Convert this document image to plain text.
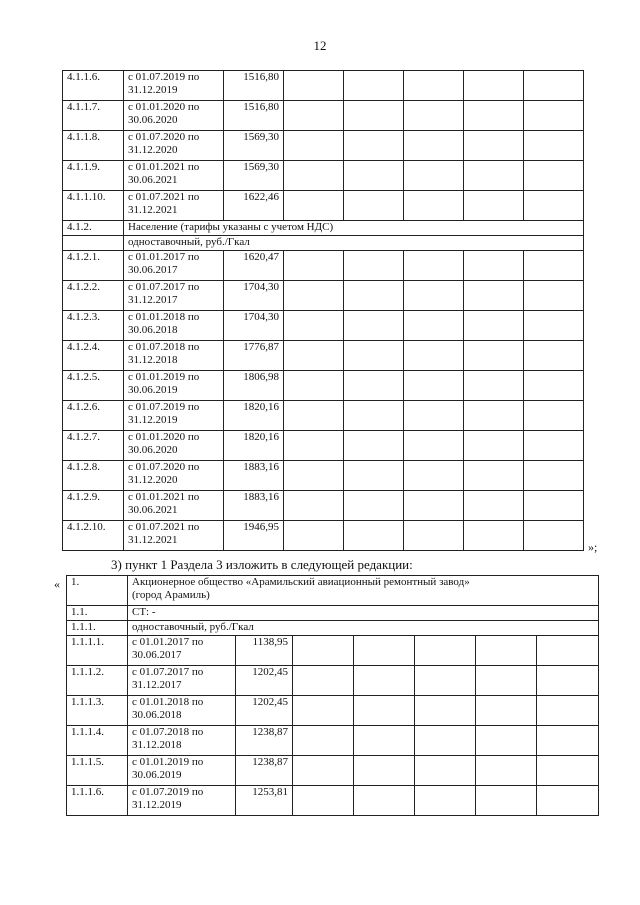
12
4.1.1.6.	с 01.07.2019 по
31.12.2019	1516,80					
4.1.1.7.	с 01.01.2020 по
30.06.2020	1516,80					
4.1.1.8.	с 01.07.2020 по
31.12.2020	1569,30					
4.1.1.9.	с 01.01.2021 по
30.06.2021	1569,30					
4.1.1.10.	с 01.07.2021 по
31.12.2021	1622,46					
4.1.2.	Население (тарифы указаны с учетом НДС)						
	одноставочный, руб./Гкал						
4.1.2.1.	с 01.01.2017 по
30.06.2017	1620,47					
4.1.2.2.	с 01.07.2017 по
31.12.2017	1704,30					
4.1.2.3.	с 01.01.2018 по
30.06.2018	1704,30					
4.1.2.4.	с 01.07.2018 по
31.12.2018	1776,87					
4.1.2.5.	с 01.01.2019 по
30.06.2019	1806,98					
4.1.2.6.	с 01.07.2019 по
31.12.2019	1820,16					
4.1.2.7.	с 01.01.2020 по
30.06.2020	1820,16					
4.1.2.8.	с 01.07.2020 по
31.12.2020	1883,16					
4.1.2.9.	с 01.01.2021 по
30.06.2021	1883,16					
4.1.2.10.	с 01.07.2021 по
31.12.2021	1946,95					
»;
3) пункт 1 Раздела 3 изложить в следующей редакции:
« 1.	Акционерное общество «Арамильский авиационный ремонтный завод»
(город Арамиль)						

1.1.	СТ: -						
1.1.1.	одноставочный, руб./Гкал						
1.1.1.1.	с 01.01.2017 по
30.06.2017	1138,95					
1.1.1.2.	с 01.07.2017 по
31.12.2017	1202,45					
1.1.1.3.	с 01.01.2018 по
30.06.2018	1202,45					
1.1.1.4.	с 01.07.2018 по
31.12.2018	1238,87					
1.1.1.5.	с 01.01.2019 по
30.06.2019	1238,87					
1.1.1.6.	с 01.07.2019 по
31.12.2019	1253,81					
